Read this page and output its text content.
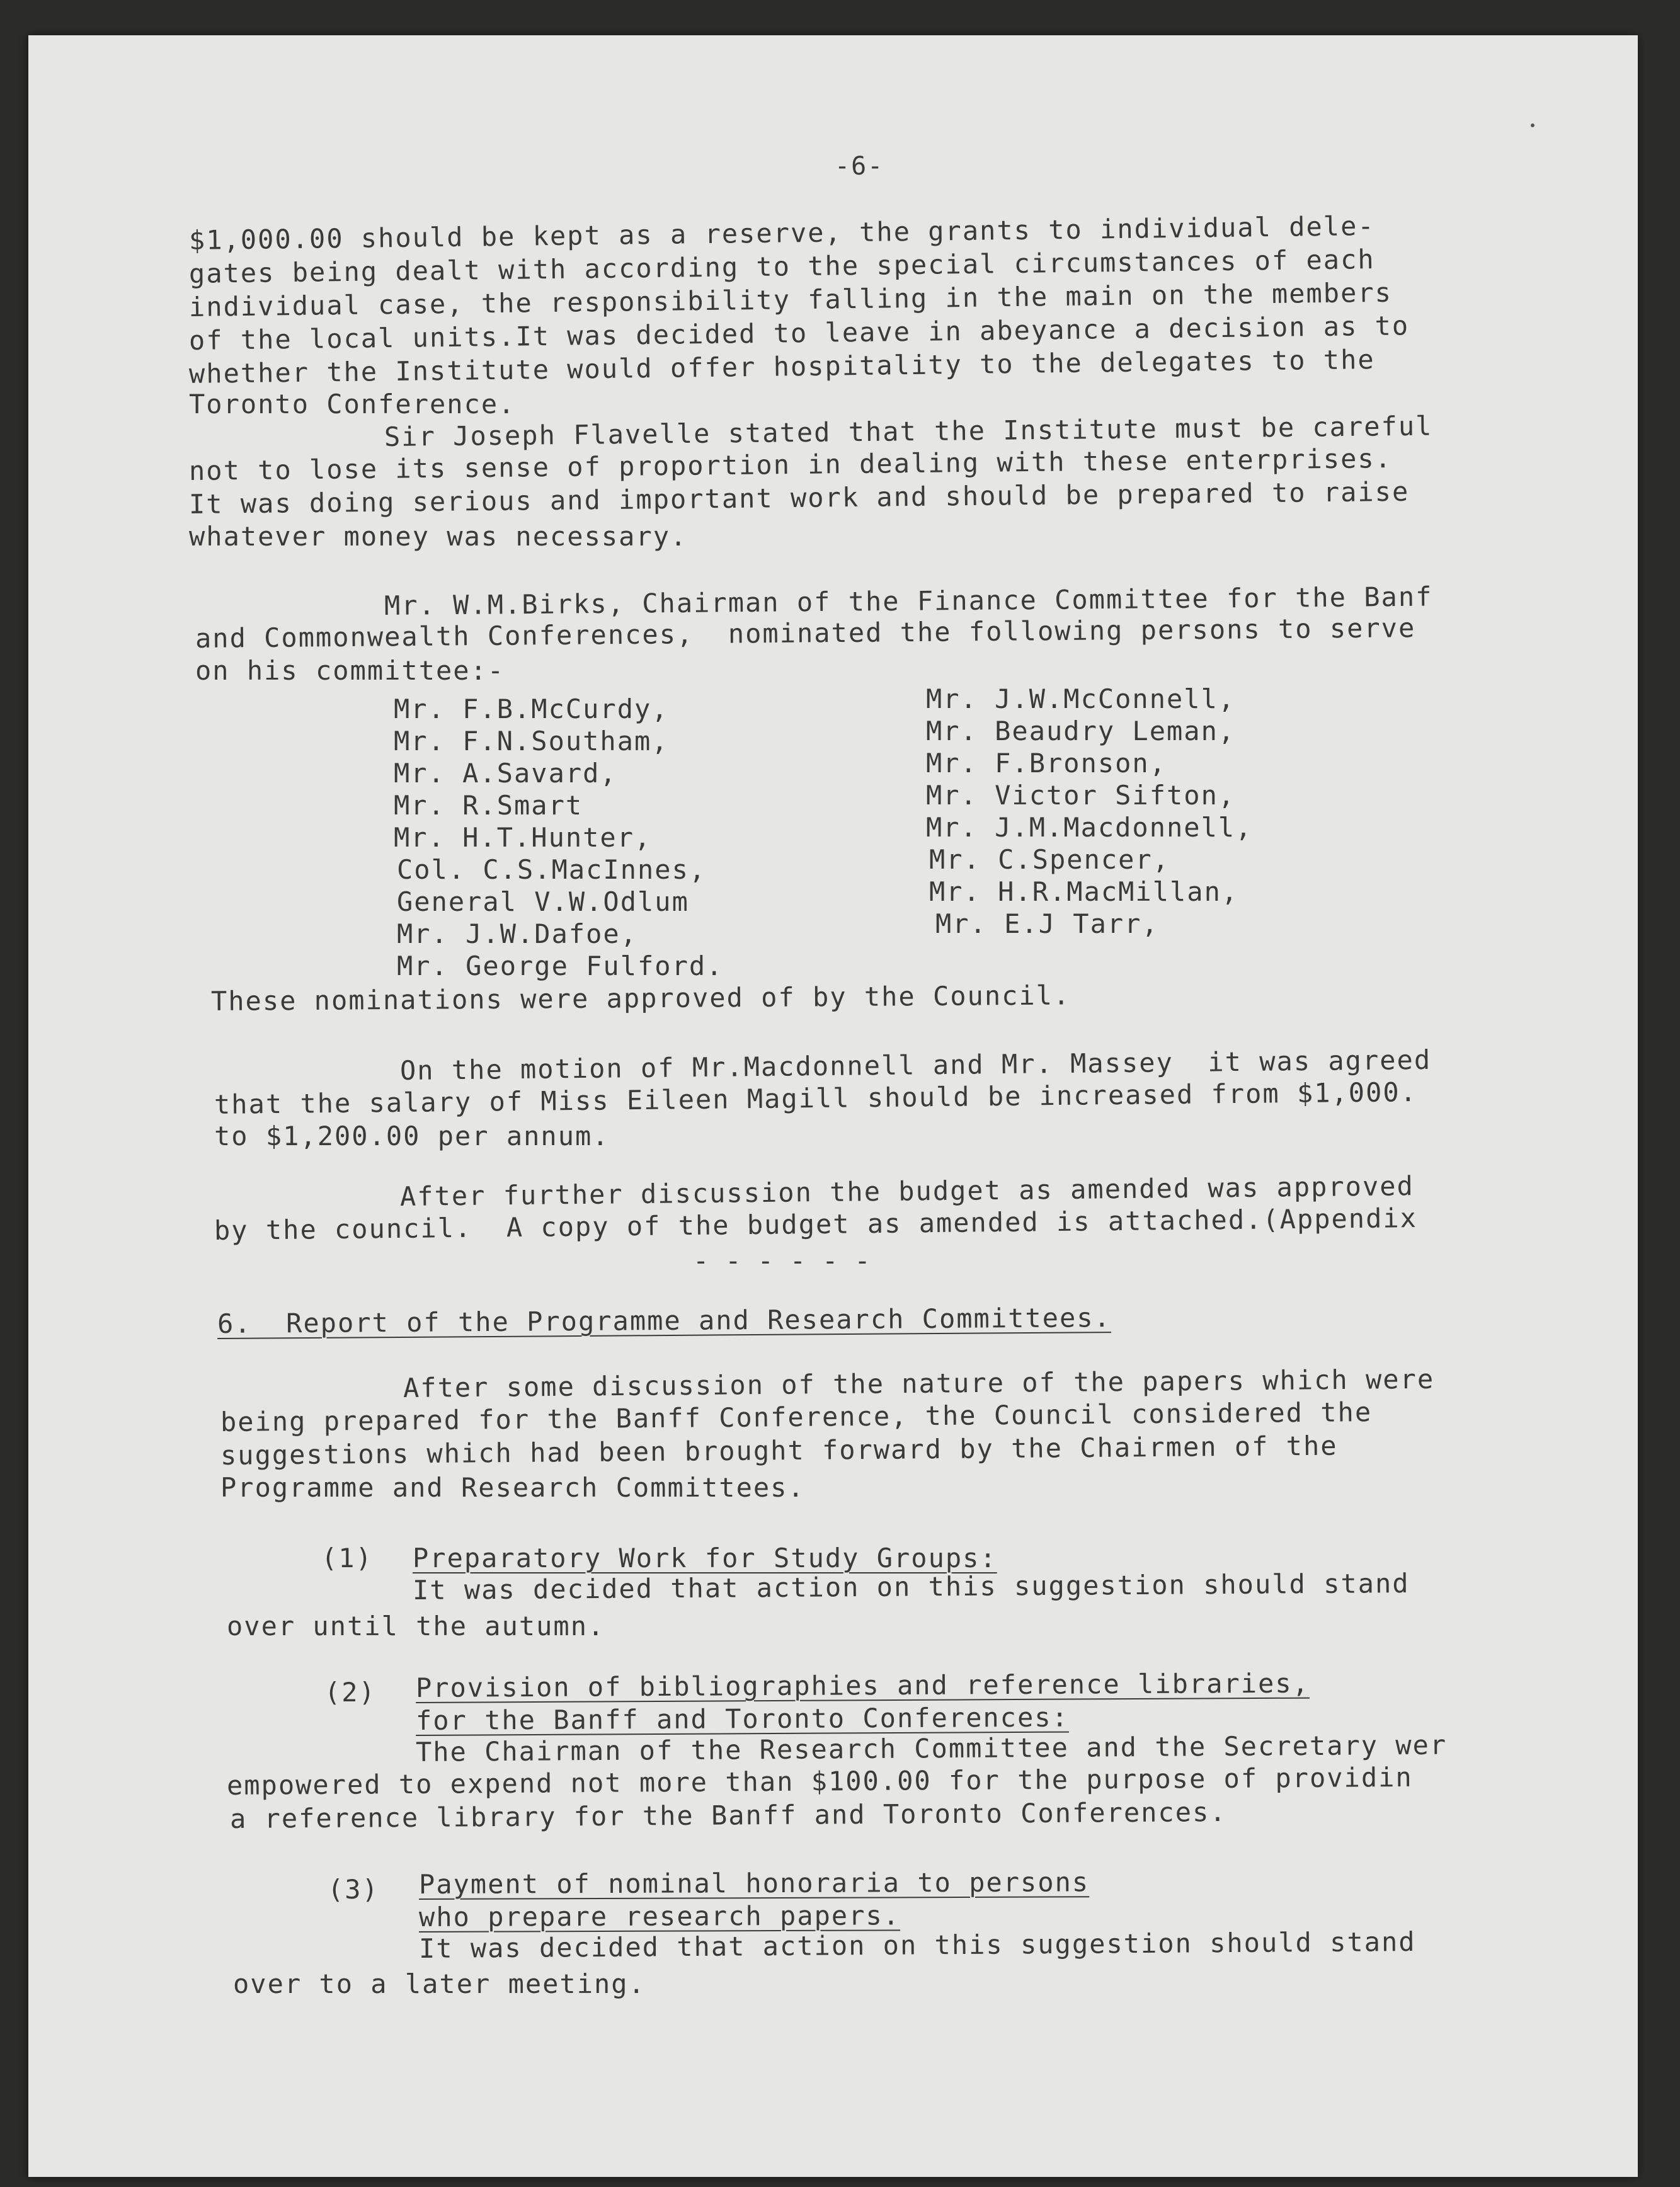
-6-
$1,000.00 should be kept as a reserve, the grants to individual dele-
gates being dealt with according to the special circumstances of each
individual case, the responsibility falling in the main on the members
of the local units.It was decided to leave in abeyance a decision as to
whether the Institute would offer hospitality to the delegates to the
Toronto Conference.
Sir Joseph Flavelle stated that the Institute must be careful
not to lose its sense of proportion in dealing with these enterprises.
It was doing serious and important work and should be prepared to raise
whatever money was necessary.
Mr. W.M.Birks, Chairman of the Finance Committee for the Banf
and Commonwealth Conferences,  nominated the following persons to serve
on his committee:-
Mr. F.B.McCurdy,
Mr. F.N.Southam,
Mr. A.Savard,
Mr. R.Smart
Mr. H.T.Hunter,
Col. C.S.MacInnes,
General V.W.Odlum
Mr. J.W.Dafoe,
Mr. George Fulford.
Mr. J.W.McConnell,
Mr. Beaudry Leman,
Mr. F.Bronson,
Mr. Victor Sifton,
Mr. J.M.Macdonnell,
Mr. C.Spencer,
Mr. H.R.MacMillan,
Mr. E.J Tarr,
These nominations were approved of by the Council.
On the motion of Mr.Macdonnell and Mr. Massey  it was agreed
that the salary of Miss Eileen Magill should be increased from $1,000.
to $1,200.00 per annum.
After further discussion the budget as amended was approved
by the council.  A copy of the budget as amended is attached.(Appendix
------
6.  Report of the Programme and Research Committees.
After some discussion of the nature of the papers which were
being prepared for the Banff Conference, the Council considered the
suggestions which had been brought forward by the Chairmen of the
Programme and Research Committees.
(1) Preparatory Work for Study Groups:
It was decided that action on this suggestion should stand
over until the autumn.
(2) Provision of bibliographies and reference libraries,
for the Banff and Toronto Conferences:
The Chairman of the Research Committee and the Secretary wer
empowered to expend not more than $100.00 for the purpose of providin
a reference library for the Banff and Toronto Conferences.
(3) Payment of nominal honoraria to persons
who prepare research papers.
It was decided that action on this suggestion should stand
over to a later meeting.
